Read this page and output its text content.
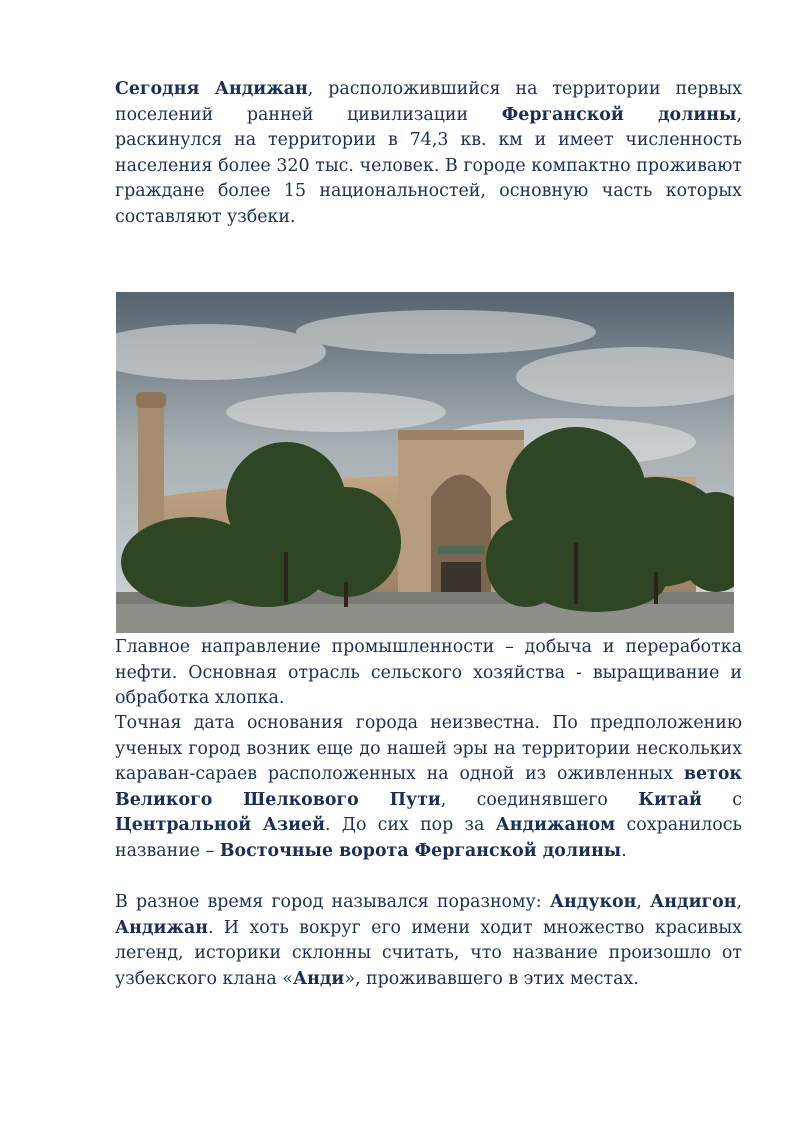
Сегодня Андижан, расположившийся на территории первых поселений ранней цивилизации Ферганской долины, раскинулся на территории в 74,3 кв. км и имеет численность населения более 320 тыс. человек. В городе компактно проживают граждане более 15 национальностей, основную часть которых составляют узбеки.

Главное направление промышленности – добыча и переработка нефти. Основная отрасль сельского хозяйства - выращивание и обработка хлопка.

Точная дата основания города неизвестна. По предположению ученых город возник еще до нашей эры на территории нескольких караван-сараев расположенных на одной из оживленных веток Великого Шелкового Пути, соединявшего Китай с Центральной Азией. До сих пор за Андижаном сохранилось название – Восточные ворота Ферганской долины.

В разное время город назывался поразному: Андукон, Андигон, Андижан. И хоть вокруг его имени ходит множество красивых легенд, историки склонны считать, что название произошло от узбекского клана «Анди», проживавшего в этих местах.
